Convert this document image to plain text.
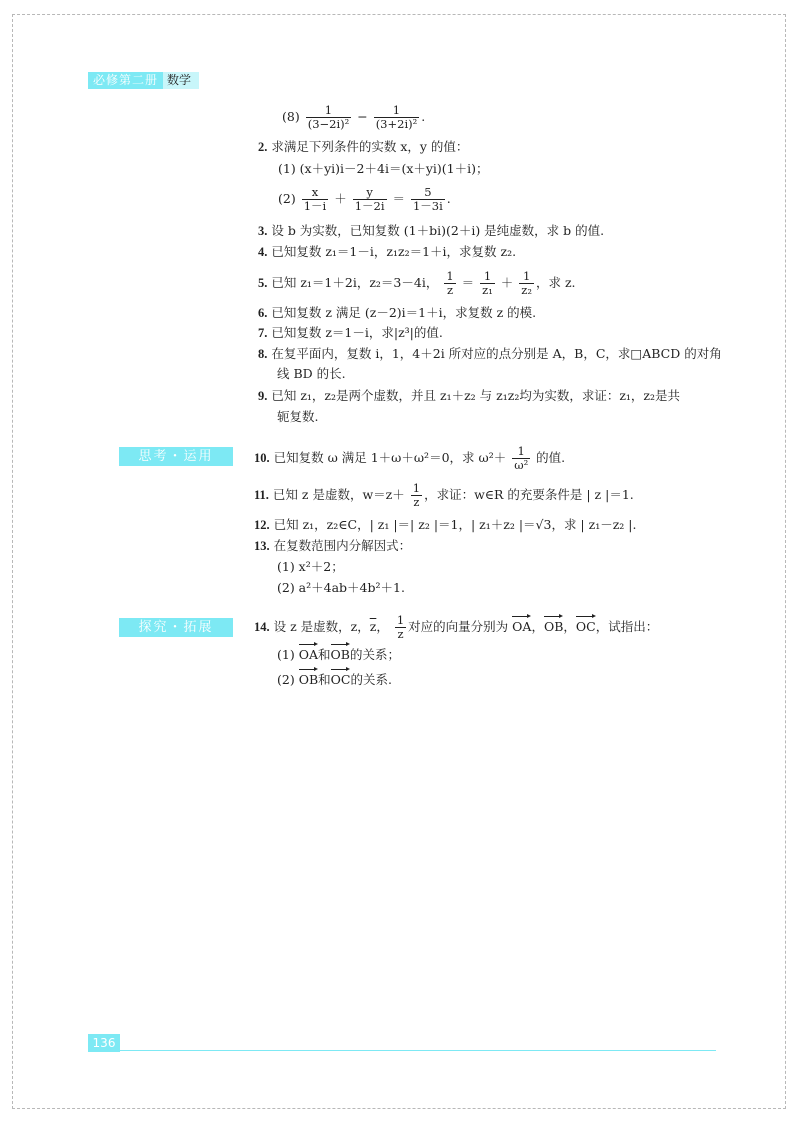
必修第二册 数学
$(8) \frac{1}{\text{(3−2i)²}} - \frac{1}{\text{(3+2i)²}}$ .
2. 求满足下列条件的实数 x，y 的值：
(1) (x＋yi)i－2＋4i＝(x＋yi)(1＋i)；
$(2) \frac{x}{1-i} + \frac{y}{1-2i} = \frac{5}{1-3i}$ .
3. 设 b 为实数，已知复数 (1＋bi)(2＋i) 是纯虚数，求 b 的值.
4. 已知复数 z₁＝1－i，z₁z₂＝1＋i，求复数 z₂.
5. 已知 z₁＝1＋2i，z₂＝3－4i， $\frac{1}{z} = \frac{1}{\text{z₁}} + \frac{1}{\text{z₂}}$ ，求 z.
6. 已知复数 z 满足 (z－2)i＝1＋i，求复数 z 的模.
7. 已知复数 z＝1－i，求|z³|的值.
8. 在复平面内，复数 i，1，4＋2i 所对应的点分别是 A，B，C，求□ABCD 的对角
线 BD 的长.
9. 已知 z₁，z₂是两个虚数，并且 z₁＋z₂ 与 z₁z₂均为实数，求证：z₁，z₂是共
轭复数.
思考・运用	10. 已知复数 ω 满足 1＋ω＋ω²＝0，求 $\omega^2+ \frac{1}{\text{ω²}}$ 的值.
11. 已知 z 是虚数，$w=z+ \frac{1}{z}$ ，求证：w∈R 的充要条件是 | z |＝1.
12. 已知 z₁，z₂∈C，| z₁ |＝| z₂ |＝1，| z₁＋z₂ |＝√3，求 | z₁－z₂ |.
13. 在复数范围内分解因式：
(1) x²＋2；
(2) a²＋4ab＋4b²＋1.
探究・拓展	14. 设 z 是虚数，z，$\overline{z}$， $\frac{1}{z}$ 对应的向量分别为 OA，OB，OC，试指出：
(1) OA和OB的关系；
(2) OB和OC的关系.
136
